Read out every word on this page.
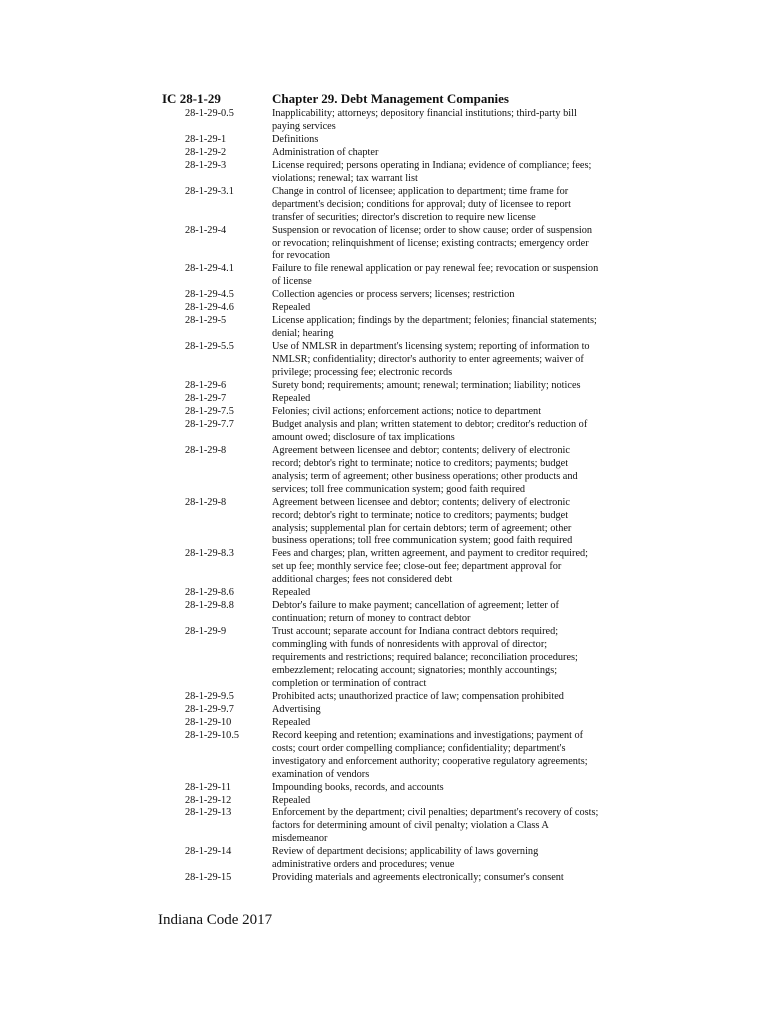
IC 28-1-29	Chapter 29. Debt Management Companies
28-1-29-0.5	Inapplicability; attorneys; depository financial institutions; third-party bill
paying services
28-1-29-1	Definitions
28-1-29-2	Administration of chapter
28-1-29-3	License required; persons operating in Indiana; evidence of compliance; fees;
violations; renewal; tax warrant list
28-1-29-3.1	Change in control of licensee; application to department; time frame for
department's decision; conditions for approval; duty of licensee to report
transfer of securities; director's discretion to require new license
28-1-29-4	Suspension or revocation of license; order to show cause; order of suspension
or revocation; relinquishment of license; existing contracts; emergency order
for revocation
28-1-29-4.1	Failure to file renewal application or pay renewal fee; revocation or suspension
of license
28-1-29-4.5	Collection agencies or process servers; licenses; restriction
28-1-29-4.6	Repealed
28-1-29-5	License application; findings by the department; felonies; financial statements;
denial; hearing
28-1-29-5.5	Use of NMLSR in department's licensing system; reporting of information to
NMLSR; confidentiality; director's authority to enter agreements; waiver of
privilege; processing fee; electronic records
28-1-29-6	Surety bond; requirements; amount; renewal; termination; liability; notices
28-1-29-7	Repealed
28-1-29-7.5	Felonies; civil actions; enforcement actions; notice to department
28-1-29-7.7	Budget analysis and plan; written statement to debtor; creditor's reduction of
amount owed; disclosure of tax implications
28-1-29-8	Agreement between licensee and debtor; contents; delivery of electronic
record; debtor's right to terminate; notice to creditors; payments; budget
analysis; term of agreement; other business operations; other products and
services; toll free communication system; good faith required
28-1-29-8	Agreement between licensee and debtor; contents; delivery of electronic
record; debtor's right to terminate; notice to creditors; payments; budget
analysis; supplemental plan for certain debtors; term of agreement; other
business operations; toll free communication system; good faith required
28-1-29-8.3	Fees and charges; plan, written agreement, and payment to creditor required;
set up fee; monthly service fee; close-out fee; department approval for
additional charges; fees not considered debt
28-1-29-8.6	Repealed
28-1-29-8.8	Debtor's failure to make payment; cancellation of agreement; letter of
continuation; return of money to contract debtor
28-1-29-9	Trust account; separate account for Indiana contract debtors required;
commingling with funds of nonresidents with approval of director;
requirements and restrictions; required balance; reconciliation procedures;
embezzlement; relocating account; signatories; monthly accountings;
completion or termination of contract
28-1-29-9.5	Prohibited acts; unauthorized practice of law; compensation prohibited
28-1-29-9.7	Advertising
28-1-29-10	Repealed
28-1-29-10.5	Record keeping and retention; examinations and investigations; payment of
costs; court order compelling compliance; confidentiality; department's
investigatory and enforcement authority; cooperative regulatory agreements;
examination of vendors
28-1-29-11	Impounding books, records, and accounts
28-1-29-12	Repealed
28-1-29-13	Enforcement by the department; civil penalties; department's recovery of costs;
factors for determining amount of civil penalty; violation a Class A
misdemeanor
28-1-29-14	Review of department decisions; applicability of laws governing
administrative orders and procedures; venue
28-1-29-15	Providing materials and agreements electronically; consumer's consent
Indiana Code 2017
